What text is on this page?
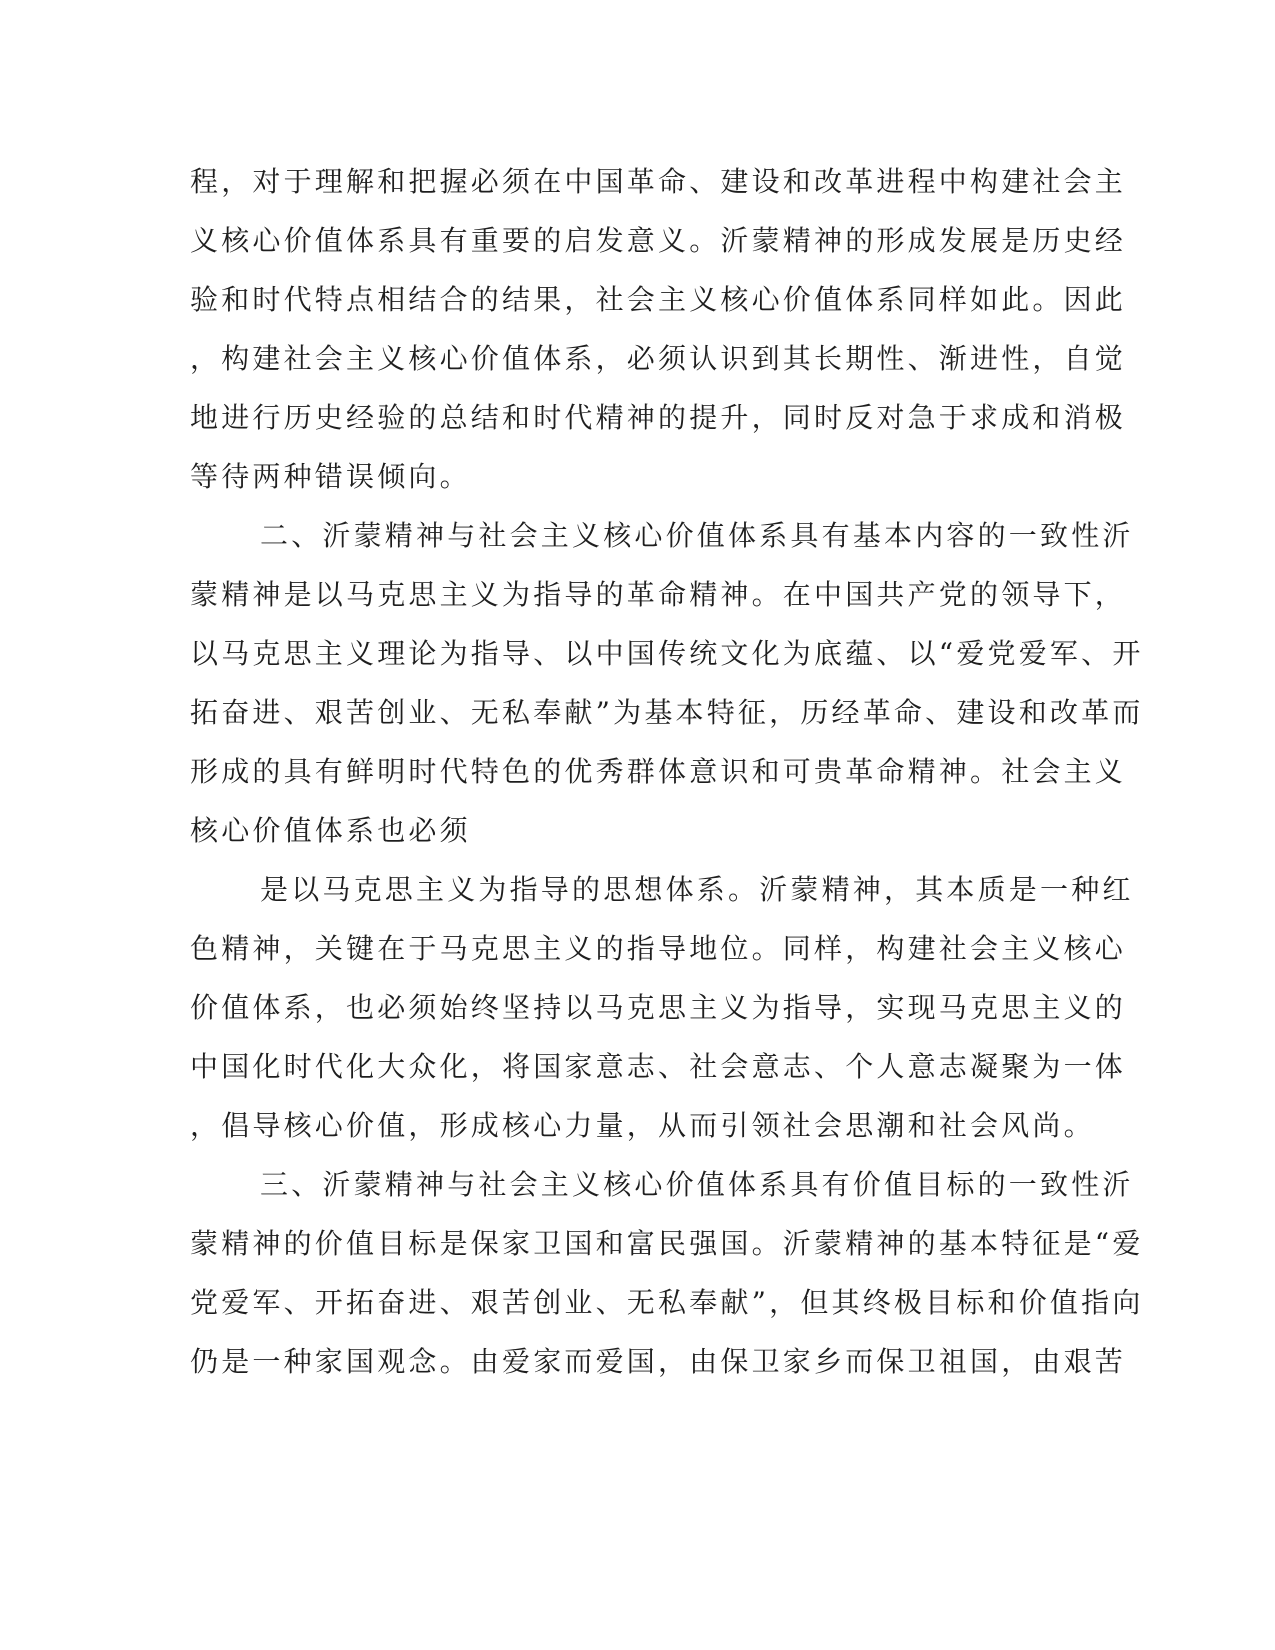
程，对于理解和把握必须在中国革命、建设和改革进程中构建社会主
义核心价值体系具有重要的启发意义。沂蒙精神的形成发展是历史经
验和时代特点相结合的结果，社会主义核心价值体系同样如此。因此
，构建社会主义核心价值体系，必须认识到其长期性、渐进性，自觉
地进行历史经验的总结和时代精神的提升，同时反对急于求成和消极
等待两种错误倾向。
二、沂蒙精神与社会主义核心价值体系具有基本内容的一致性沂
蒙精神是以马克思主义为指导的革命精神。在中国共产党的领导下，
以马克思主义理论为指导、以中国传统文化为底蕴、以“爱党爱军、开
拓奋进、艰苦创业、无私奉献”为基本特征，历经革命、建设和改革而
形成的具有鲜明时代特色的优秀群体意识和可贵革命精神。社会主义
核心价值体系也必须
是以马克思主义为指导的思想体系。沂蒙精神，其本质是一种红
色精神，关键在于马克思主义的指导地位。同样，构建社会主义核心
价值体系，也必须始终坚持以马克思主义为指导，实现马克思主义的
中国化时代化大众化，将国家意志、社会意志、个人意志凝聚为一体
，倡导核心价值，形成核心力量，从而引领社会思潮和社会风尚。
三、沂蒙精神与社会主义核心价值体系具有价值目标的一致性沂
蒙精神的价值目标是保家卫国和富民强国。沂蒙精神的基本特征是“爱
党爱军、开拓奋进、艰苦创业、无私奉献”，但其终极目标和价值指向
仍是一种家国观念。由爱家而爱国，由保卫家乡而保卫祖国，由艰苦
